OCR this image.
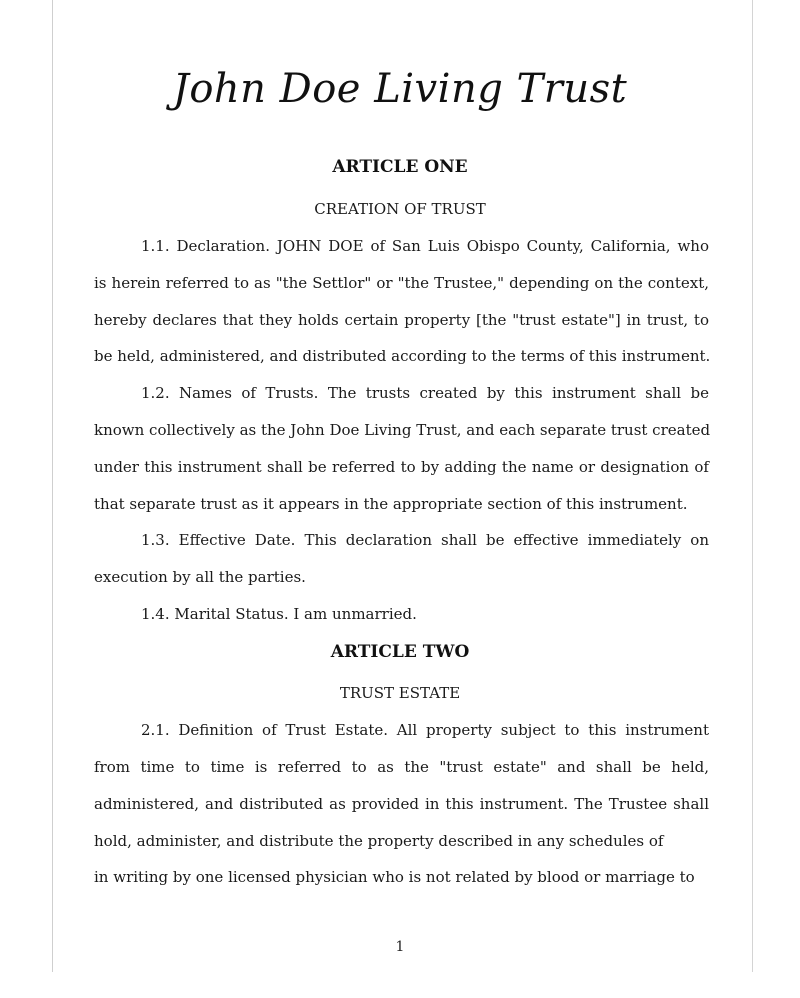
John Doe Living Trust
ARTICLE ONE
CREATION OF TRUST
1.1. Declaration. JOHN DOE of San Luis Obispo County, California, who
is herein referred to as "the Settlor" or "the Trustee," depending on the context,
hereby declares that they holds certain property [the "trust estate"] in trust, to
be held, administered, and distributed according to the terms of this instrument.
1.2. Names of Trusts. The trusts created by this instrument shall be
known collectively as the John Doe Living Trust, and each separate trust created
under this instrument shall be referred to by adding the name or designation of
that separate trust as it appears in the appropriate section of this instrument.
1.3. Effective Date. This declaration shall be effective immediately on
execution by all the parties.
1.4. Marital Status. I am unmarried.
ARTICLE TWO
TRUST ESTATE
2.1. Definition of Trust Estate. All property subject to this instrument
from time to time is referred to as the "trust estate" and shall be held,
administered, and distributed as provided in this instrument. The Trustee shall
hold, administer, and distribute the property described in any schedules of
in writing by one licensed physician who is not related by blood or marriage to
1
